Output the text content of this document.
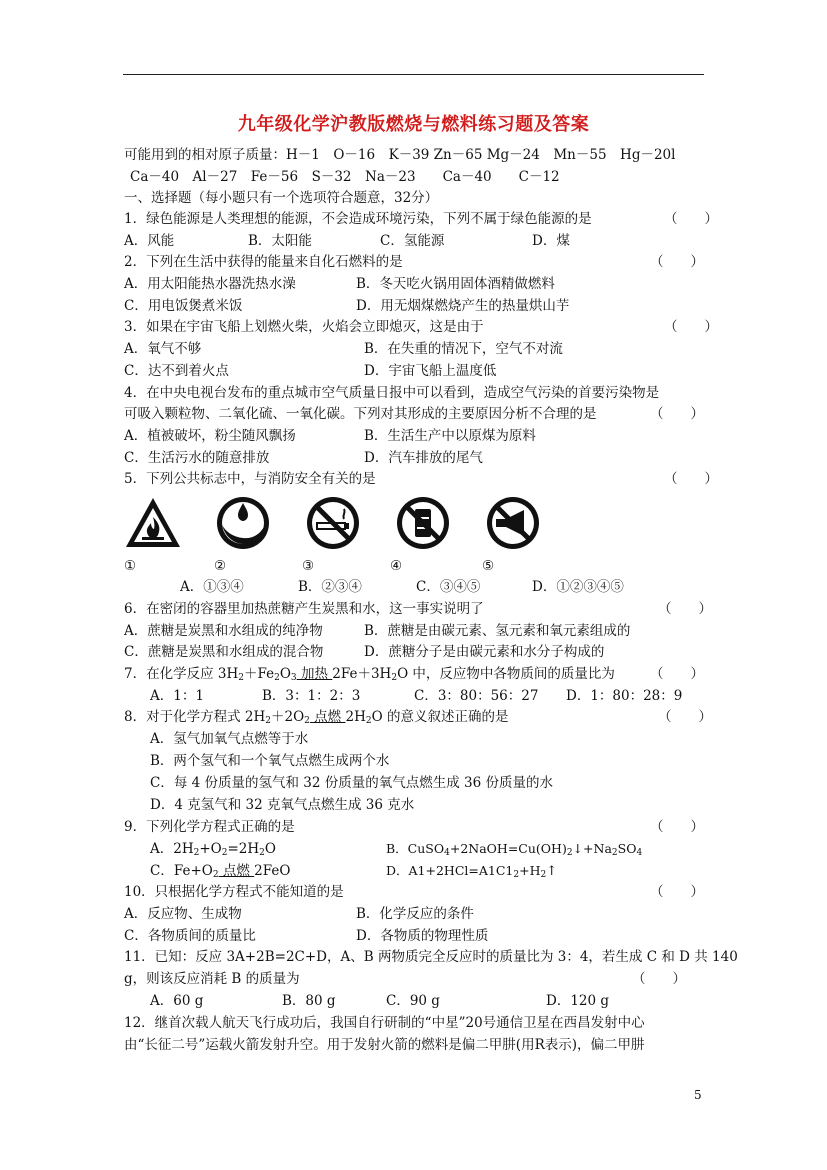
九年级化学沪教版燃烧与燃料练习题及答案
可能用到的相对原子质量：H－1　O－16　K－39 Zn－65 Mg－24　Mn－55　Hg－20l
Ca－40　Al－27　Fe－56　S－32　Na－23　　Ca－40　　C－12
一、选择题（每小题只有一个选项符合题意，32分）
1．绿色能源是人类理想的能源，不会造成环境污染，下列不属于绿色能源的是	（　　）
A．风能	B．太阳能	C．氢能源	D．煤
2．下列在生活中获得的能量来自化石燃料的是	（　　）
A．用太阳能热水器洗热水澡	B．冬天吃火锅用固体酒精做燃料
C．用电饭煲煮米饭	D．用无烟煤燃烧产生的热量烘山芋
3．如果在宇宙飞船上划燃火柴，火焰会立即熄灭，这是由于	（　　）
A．氧气不够	B．在失重的情况下，空气不对流
C．达不到着火点	D．宇宙飞船上温度低
4．在中央电视台发布的重点城市空气质量日报中可以看到，造成空气污染的首要污染物是
可吸入颗粒物、二氧化硫、一氧化碳。下列对其形成的主要原因分析不合理的是	（　　）
A．植被破坏，粉尘随风飘扬	B．生活生产中以原煤为原料
C．生活污水的随意排放	D．汽车排放的尾气
5．下列公共标志中，与消防安全有关的是	（　　）
①	②	③	④	⑤
A．①③④	B．②③④	C．③④⑤	D．①②③④⑤
6．在密闭的容器里加热蔗糖产生炭黑和水，这一事实说明了	（　　）
A．蔗糖是炭黑和水组成的纯净物	B．蔗糖是由碳元素、氢元素和氧元素组成的
C．蔗糖是炭黑和水组成的混合物	D．蔗糖分子是由碳元素和水分子构成的
7．在化学反应 $3H_2+Fe_2O_3$ 加热 $2Fe+3H_2O$ 中，反应物中各物质间的质量比为	（　　）
A．1：1	B．3：1：2：3	C．3：80：56：27 D．1：80：28：9
8．对于化学方程式 $2H_2+2O_2$ 点燃 $2H_2O$ 的意义叙述正确的是	（　　）
A．氢气加氧气点燃等于水
B．两个氢气和一个氧气点燃生成两个水
C．每 4 份质量的氢气和 32 份质量的氧气点燃生成 36 份质量的水
D．4 克氢气和 32 克氧气点燃生成 36 克水
9．下列化学方程式正确的是	（　　）
A．$2H_2+O_2=2H_2O$	B．$CuSO_4+2NaOH=Cu(OH)_2↓+Na_2SO_4$
C．$Fe+O_2$ 点燃 2FeO	D．$A1+2HCl=A1C1_2+H_2↑$
10．只根据化学方程式不能知道的是	（　　）
A．反应物、生成物	B．化学反应的条件
C．各物质间的质量比	D．各物质的物理性质
11．已知：反应 3A+2B=2C+D，A、B 两物质完全反应时的质量比为 3：4，若生成 C 和 D 共 140
g，则该反应消耗 B 的质量为	（　　）
A．60 g	B．80 g	C．90 g	D．120 g
12．继首次载人航天飞行成功后，我国自行研制的“中星”20号通信卫星在西昌发射中心
由“长征二号”运载火箭发射升空。用于发射火箭的燃料是偏二甲肼(用R表示)，偏二甲肼
5
